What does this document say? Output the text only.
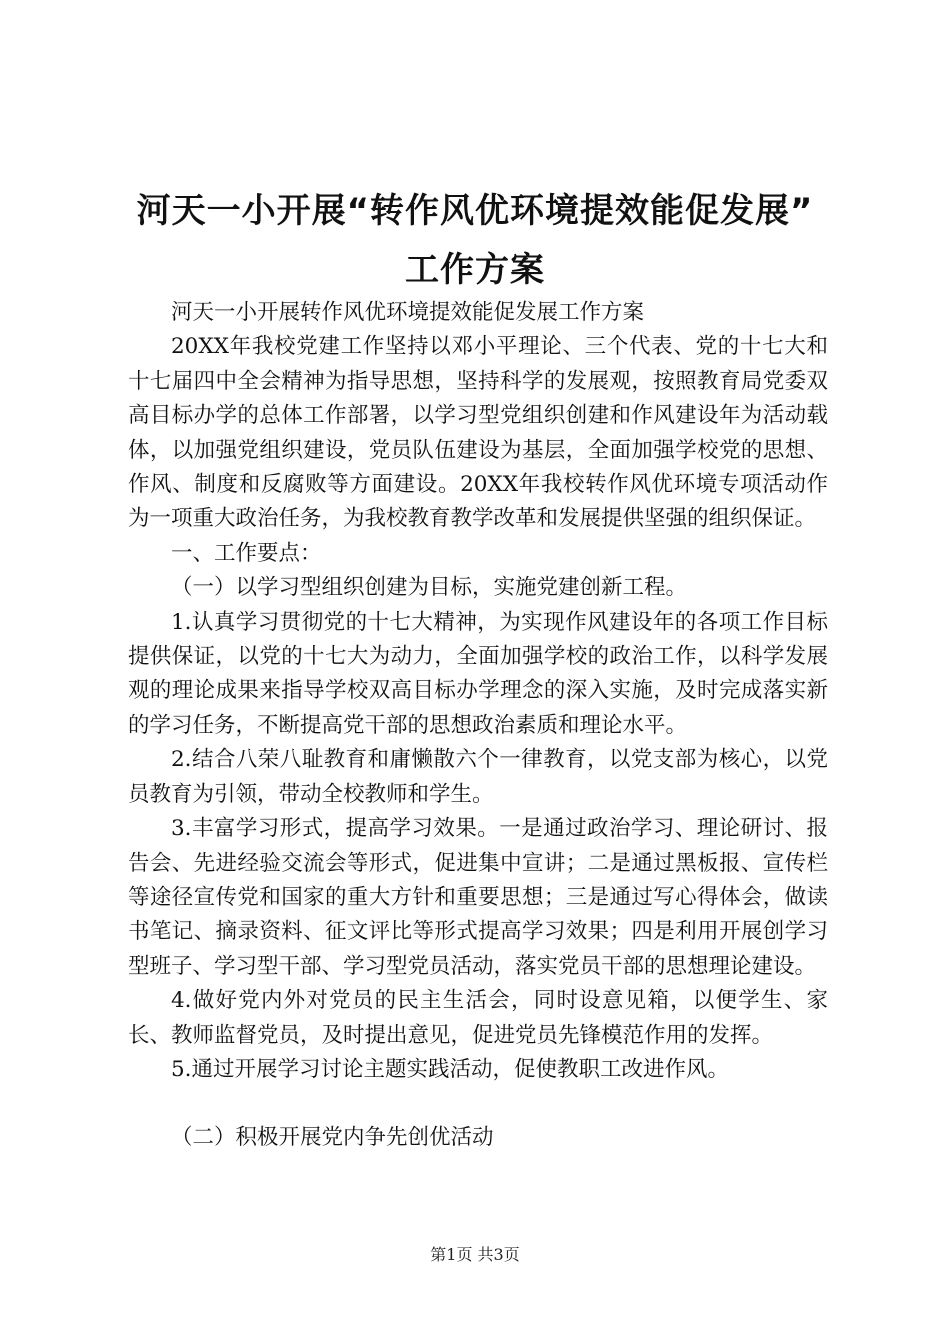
河天一小开展“转作风优环境提效能促发展”
工作方案

河天一小开展转作风优环境提效能促发展工作方案

20XX年我校党建工作坚持以邓小平理论、三个代表、党的十七大和十七届四中全会精神为指导思想，坚持科学的发展观，按照教育局党委双高目标办学的总体工作部署，以学习型党组织创建和作风建设年为活动载体，以加强党组织建设，党员队伍建设为基层，全面加强学校党的思想、作风、制度和反腐败等方面建设。20XX年我校转作风优环境专项活动作为一项重大政治任务，为我校教育教学改革和发展提供坚强的组织保证。

一、工作要点：

（一）以学习型组织创建为目标，实施党建创新工程。

1.认真学习贯彻党的十七大精神，为实现作风建设年的各项工作目标提供保证，以党的十七大为动力，全面加强学校的政治工作，以科学发展观的理论成果来指导学校双高目标办学理念的深入实施，及时完成落实新的学习任务，不断提高党干部的思想政治素质和理论水平。

2.结合八荣八耻教育和庸懒散六个一律教育，以党支部为核心，以党员教育为引领，带动全校教师和学生。

3.丰富学习形式，提高学习效果。一是通过政治学习、理论研讨、报告会、先进经验交流会等形式，促进集中宣讲；二是通过黑板报、宣传栏等途径宣传党和国家的重大方针和重要思想；三是通过写心得体会，做读书笔记、摘录资料、征文评比等形式提高学习效果；四是利用开展创学习型班子、学习型干部、学习型党员活动，落实党员干部的思想理论建设。

4.做好党内外对党员的民主生活会，同时设意见箱，以便学生、家长、教师监督党员，及时提出意见，促进党员先锋模范作用的发挥。

5.通过开展学习讨论主题实践活动，促使教职工改进作风。

（二）积极开展党内争先创优活动

第1页 共3页
